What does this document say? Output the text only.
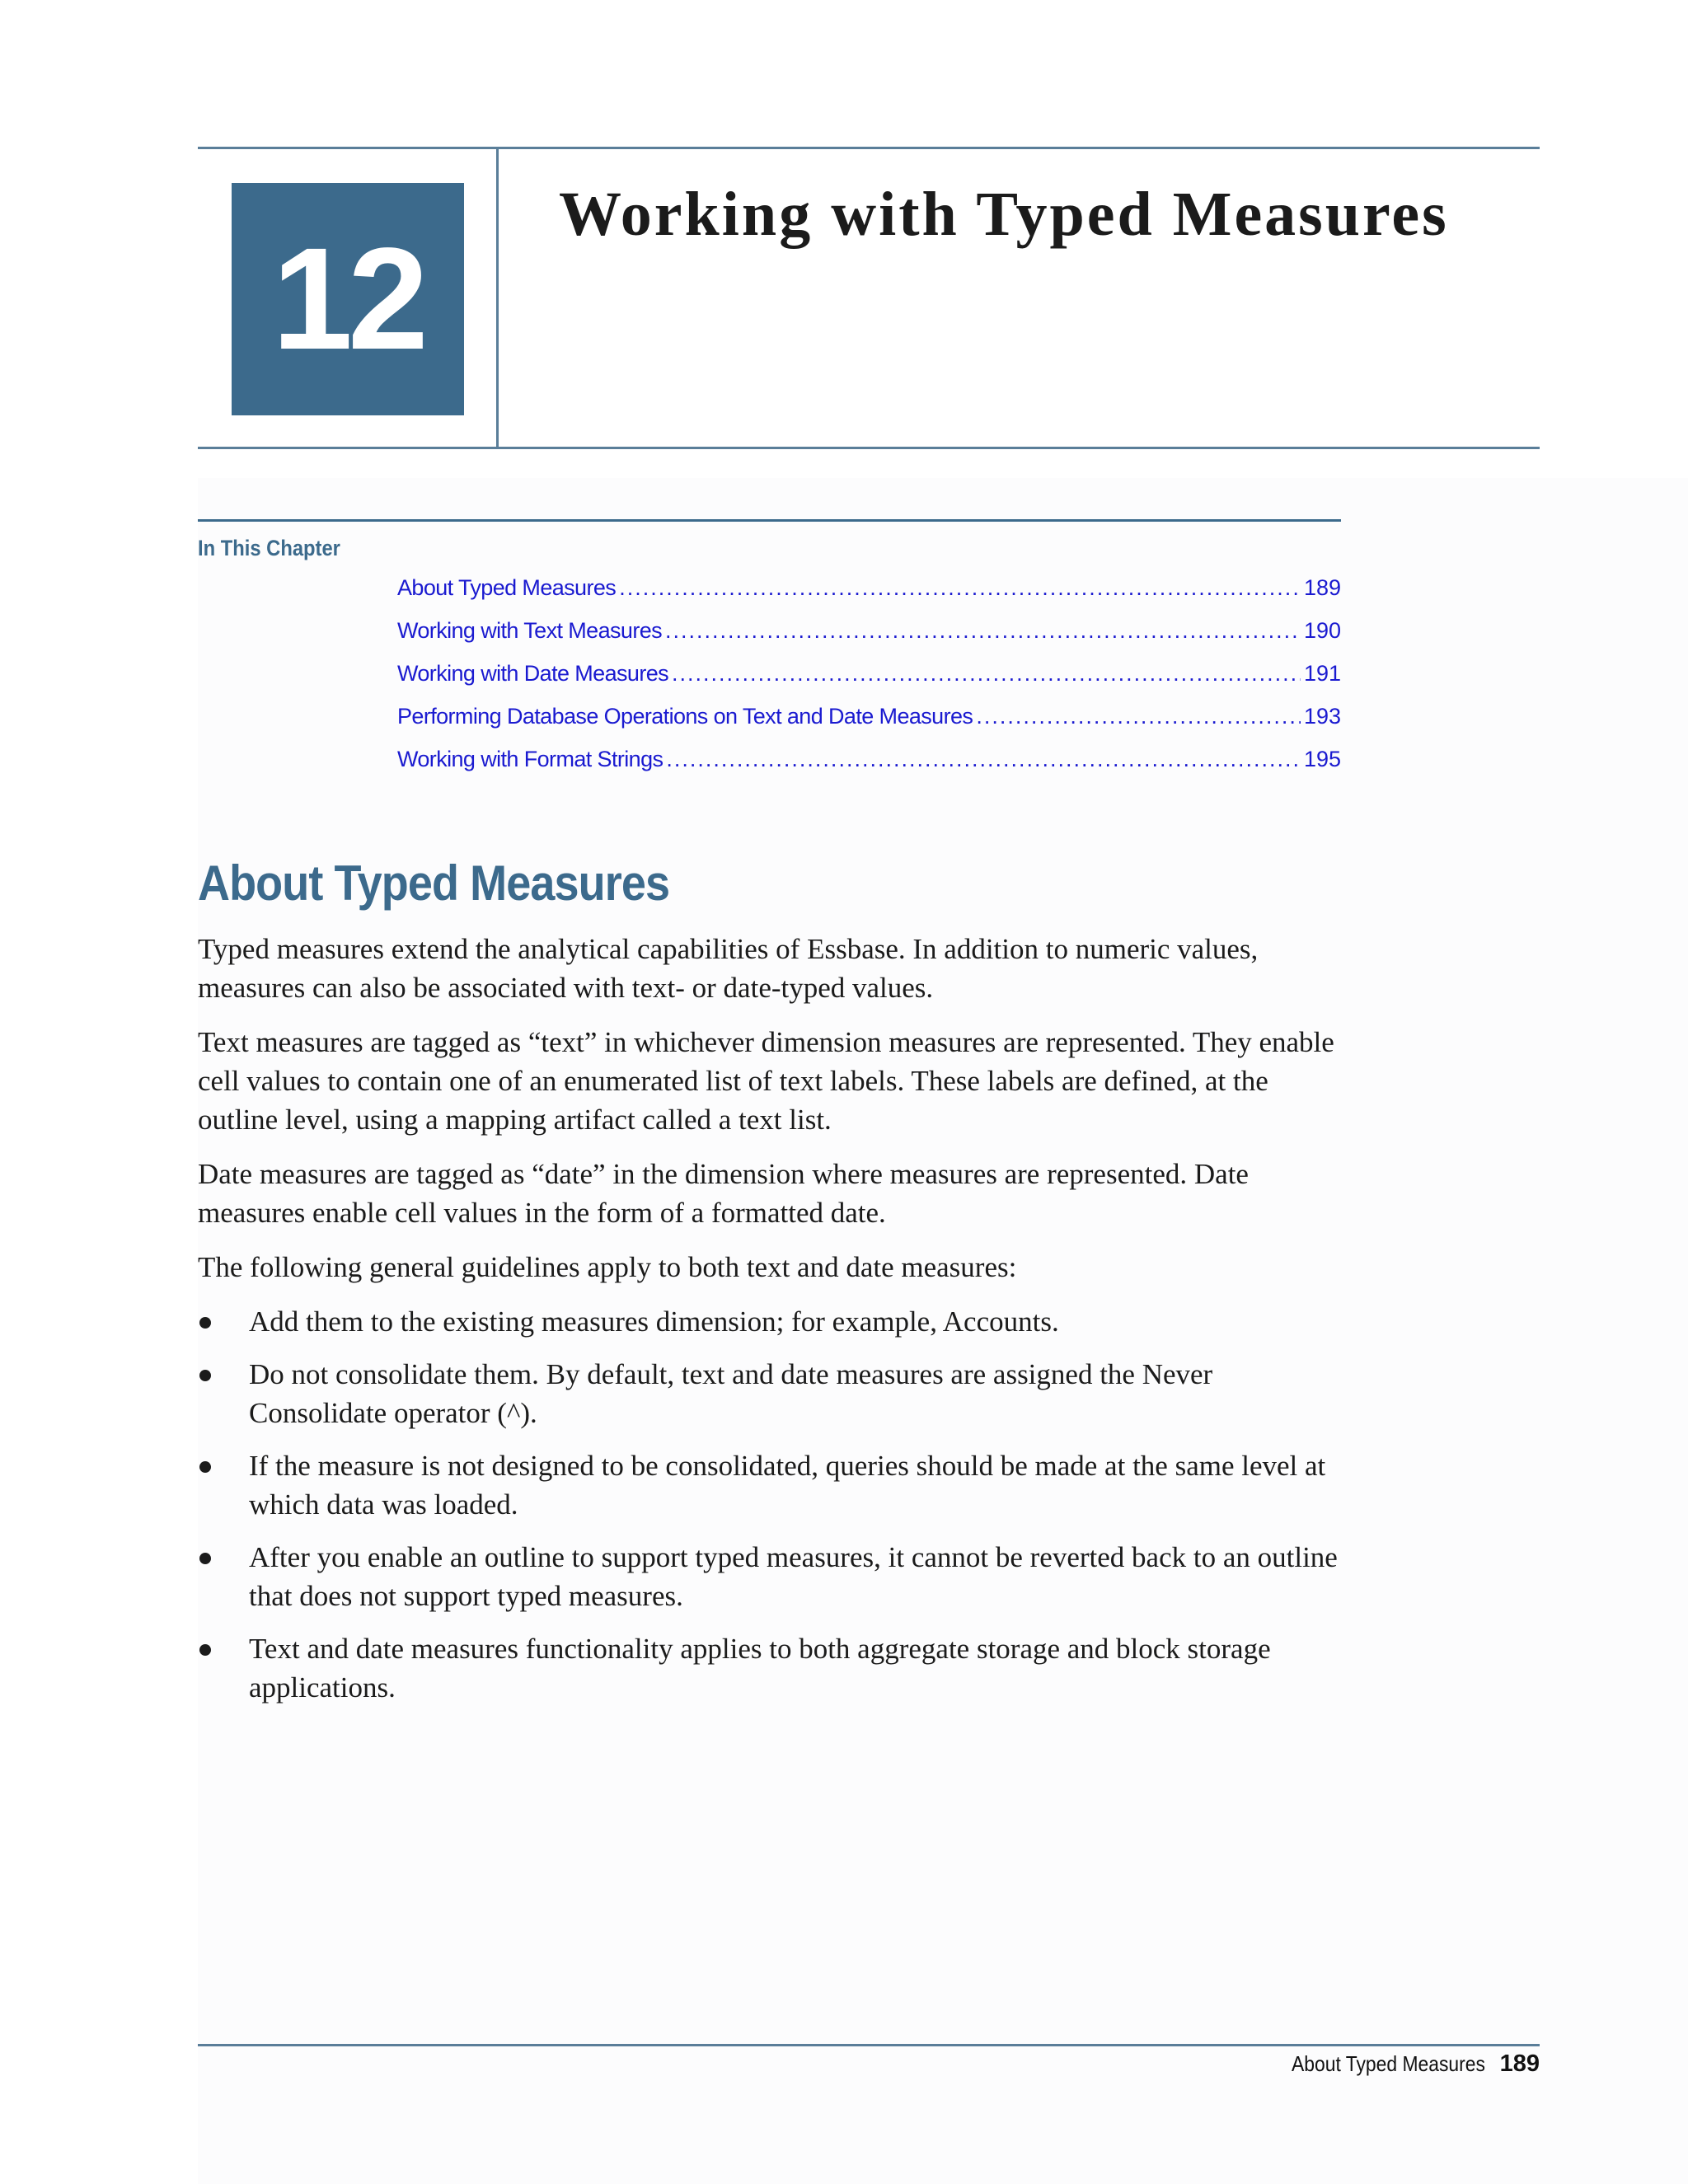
12
Working with Typed Measures
In This Chapter
About Typed Measures .....	189
Working with Text Measures .....	190
Working with Date Measures .....	191
Performing Database Operations on Text and Date Measures .....	193
Working with Format Strings .....	195
About Typed Measures

Typed measures extend the analytical capabilities of Essbase. In addition to numeric values, measures can also be associated with text- or date-typed values.

Text measures are tagged as “text” in whichever dimension measures are represented. They enable cell values to contain one of an enumerated list of text labels. These labels are defined, at the outline level, using a mapping artifact called a text list.

Date measures are tagged as “date” in the dimension where measures are represented. Date measures enable cell values in the form of a formatted date.

The following general guidelines apply to both text and date measures:

Add them to the existing measures dimension; for example, Accounts.
Do not consolidate them. By default, text and date measures are assigned the Never Consolidate operator (^).
If the measure is not designed to be consolidated, queries should be made at the same level at which data was loaded.
After you enable an outline to support typed measures, it cannot be reverted back to an outline that does not support typed measures.
Text and date measures functionality applies to both aggregate storage and block storage applications.
About Typed Measures 189
